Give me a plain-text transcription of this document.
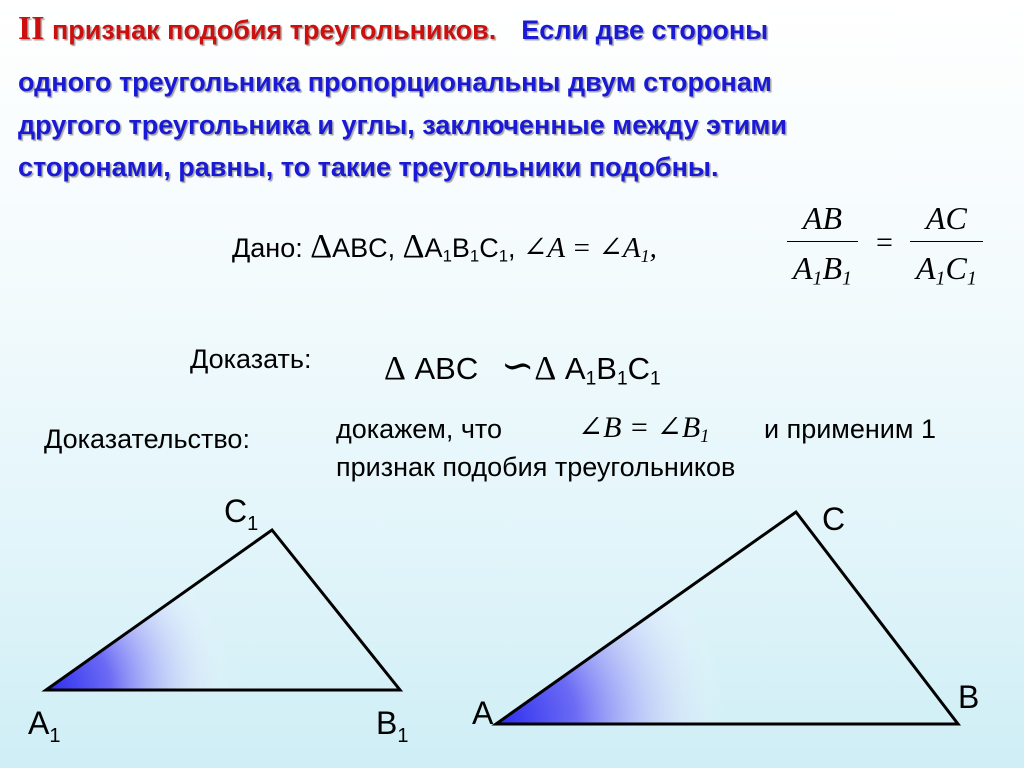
II признак подобия треугольников. Если две стороны
одного треугольника пропорциональны двум сторонам
другого треугольника и углы, заключенные между этими
сторонами, равны, то такие треугольники подобны.
Дано: ΔABC, $\Delta A_1B_1C_1$, ∠A = $\angle A_1$,	$\frac{AB}{A_1B_1} = \frac{AC}{A_1C_1}$
Доказать: Δ ABC ∽Δ $A_1B_1C_1$
Доказательство:	докажем, что	∠B = $\angle B_1$ и применим 1
признак подобия треугольников
$C_1$
$A_1$	$B_1$
C
A	B
